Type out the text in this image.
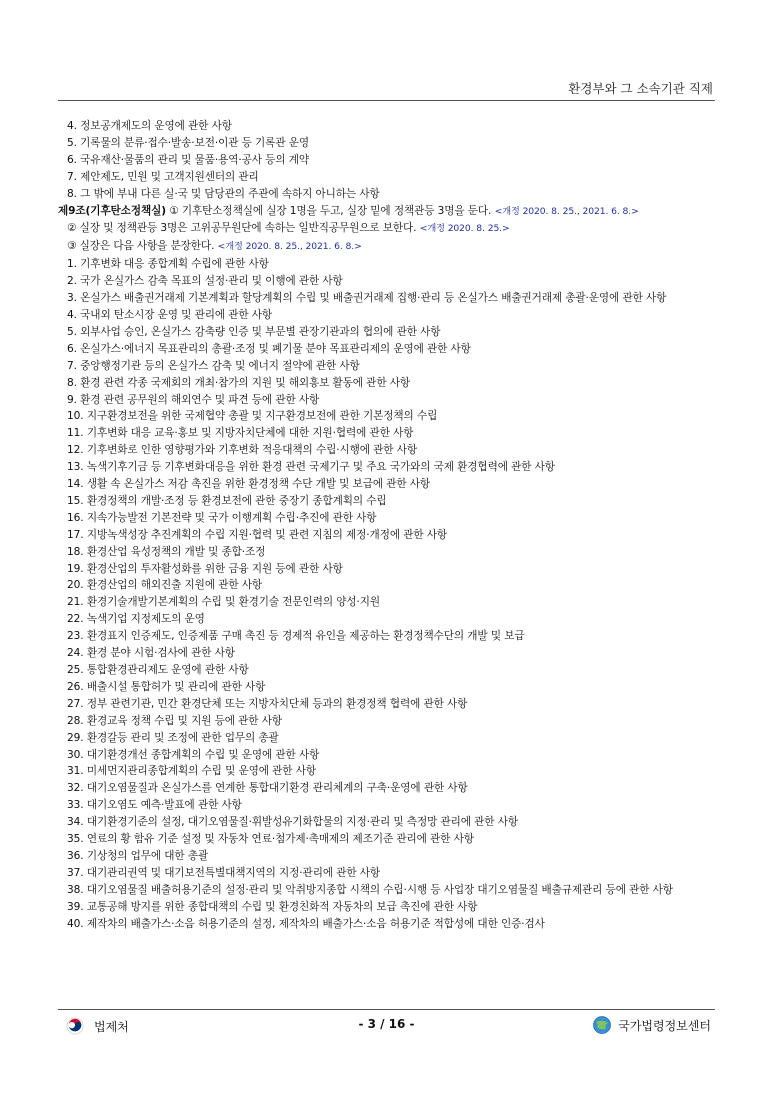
환경부와 그 소속기관 직제

4. 정보공개제도의 운영에 관한 사항

5. 기록물의 분류·접수·발송·보전·이관 등 기록관 운영

6. 국유재산·물품의 관리 및 물품·용역·공사 등의 계약

7. 제안제도, 민원 및 고객지원센터의 관리

8. 그 밖에 부내 다른 실·국 및 담당관의 주관에 속하지 아니하는 사항

제9조(기후탄소정책실) ① 기후탄소정책실에 실장 1명을 두고, 실장 밑에 정책관등 3명을 둔다. <개정 2020. 8. 25., 2021. 6. 8.>

② 실장 및 정책관등 3명은 고위공무원단에 속하는 일반직공무원으로 보한다. <개정 2020. 8. 25.>

③ 실장은 다음 사항을 분장한다. <개정 2020. 8. 25., 2021. 6. 8.>

1. 기후변화 대응 종합계획 수립에 관한 사항

2. 국가 온실가스 감축 목표의 설정·관리 및 이행에 관한 사항

3. 온실가스 배출권거래제 기본계획과 할당계획의 수립 및 배출권거래제 집행·관리 등 온실가스 배출권거래제 총괄·운영에 관한 사항

4. 국내외 탄소시장 운영 및 관리에 관한 사항

5. 외부사업 승인, 온실가스 감축량 인증 및 부문별 관장기관과의 협의에 관한 사항

6. 온실가스·에너지 목표관리의 총괄·조정 및 폐기물 분야 목표관리제의 운영에 관한 사항

7. 중앙행정기관 등의 온실가스 감축 및 에너지 절약에 관한 사항

8. 환경 관련 각종 국제회의 개최·참가의 지원 및 해외홍보 활동에 관한 사항

9. 환경 관련 공무원의 해외연수 및 파견 등에 관한 사항

10. 지구환경보전을 위한 국제협약 총괄 및 지구환경보전에 관한 기본정책의 수립

11. 기후변화 대응 교육·홍보 및 지방자치단체에 대한 지원·협력에 관한 사항

12. 기후변화로 인한 영향평가와 기후변화 적응대책의 수립·시행에 관한 사항

13. 녹색기후기금 등 기후변화대응을 위한 환경 관련 국제기구 및 주요 국가와의 국제 환경협력에 관한 사항

14. 생활 속 온실가스 저감 촉진을 위한 환경정책 수단 개발 및 보급에 관한 사항

15. 환경정책의 개발·조정 등 환경보전에 관한 중장기 종합계획의 수립

16. 지속가능발전 기본전략 및 국가 이행계획 수립·추진에 관한 사항

17. 지방녹색성장 추진계획의 수립 지원·협력 및 관련 지침의 제정·개정에 관한 사항

18. 환경산업 육성정책의 개발 및 종합·조정

19. 환경산업의 투자활성화를 위한 금융 지원 등에 관한 사항

20. 환경산업의 해외진출 지원에 관한 사항

21. 환경기술개발기본계획의 수립 및 환경기술 전문인력의 양성·지원

22. 녹색기업 지정제도의 운영

23. 환경표지 인증제도, 인증제품 구매 촉진 등 경제적 유인을 제공하는 환경정책수단의 개발 및 보급

24. 환경 분야 시험·검사에 관한 사항

25. 통합환경관리제도 운영에 관한 사항

26. 배출시설 통합허가 및 관리에 관한 사항

27. 정부 관련기관, 민간 환경단체 또는 지방자치단체 등과의 환경정책 협력에 관한 사항

28. 환경교육 정책 수립 및 지원 등에 관한 사항

29. 환경갈등 관리 및 조정에 관한 업무의 총괄

30. 대기환경개선 종합계획의 수립 및 운영에 관한 사항

31. 미세먼지관리종합계획의 수립 및 운영에 관한 사항

32. 대기오염물질과 온실가스를 연계한 통합대기환경 관리체계의 구축·운영에 관한 사항

33. 대기오염도 예측·발표에 관한 사항

34. 대기환경기준의 설정, 대기오염물질·휘발성유기화합물의 지정·관리 및 측정망 관리에 관한 사항

35. 연료의 황 함유 기준 설정 및 자동차 연료·첨가제·촉매제의 제조기준 관리에 관한 사항

36. 기상청의 업무에 대한 총괄

37. 대기관리권역 및 대기보전특별대책지역의 지정·관리에 관한 사항

38. 대기오염물질 배출허용기준의 설정·관리 및 악취방지종합 시책의 수립·시행 등 사업장 대기오염물질 배출규제관리 등에 관한 사항

39. 교통공해 방지를 위한 종합대책의 수립 및 환경친화적 자동차의 보급 촉진에 관한 사항

40. 제작차의 배출가스·소음 허용기준의 설정, 제작차의 배출가스·소음 허용기준 적합성에 대한 인증·검사

법제처	- 3 / 16 -	국가법령정보센터
